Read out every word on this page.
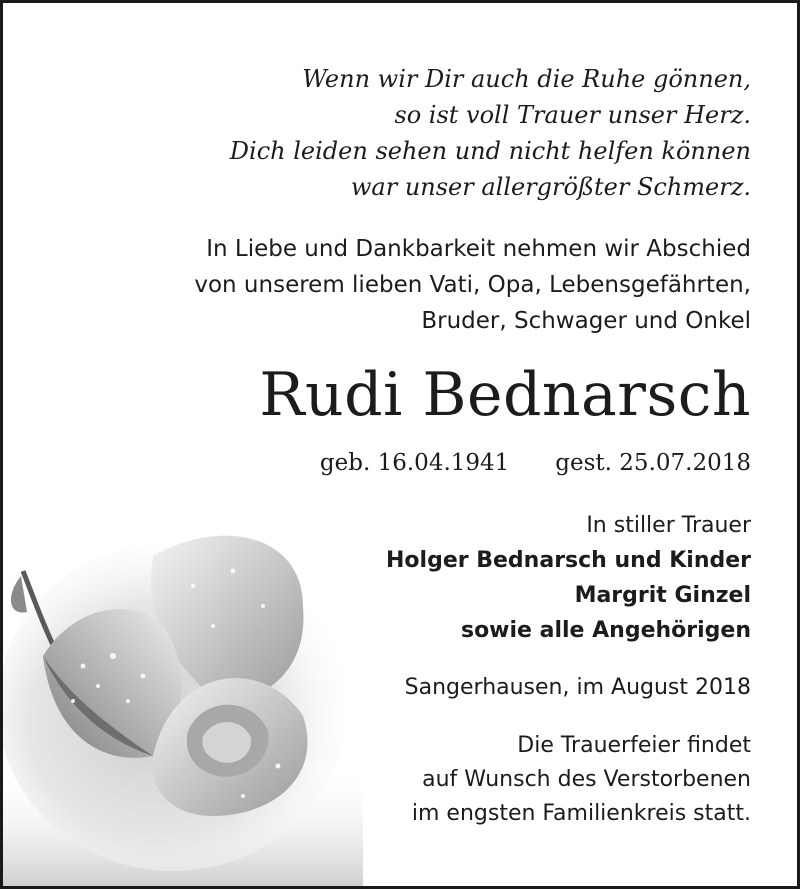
Wenn wir Dir auch die Ruhe gönnen,
so ist voll Trauer unser Herz.
Dich leiden sehen und nicht helfen können
war unser allergrößter Schmerz.
In Liebe und Dankbarkeit nehmen wir Abschied
von unserem lieben Vati, Opa, Lebensgefährten,
Bruder, Schwager und Onkel
Rudi Bednarsch
geb. 16.04.1941 gest. 25.07.2018
In stiller Trauer
Holger Bednarsch und Kinder
Margrit Ginzel
sowie alle Angehörigen
Sangerhausen, im August 2018
Die Trauerfeier findet
auf Wunsch des Verstorbenen
im engsten Familienkreis statt.
